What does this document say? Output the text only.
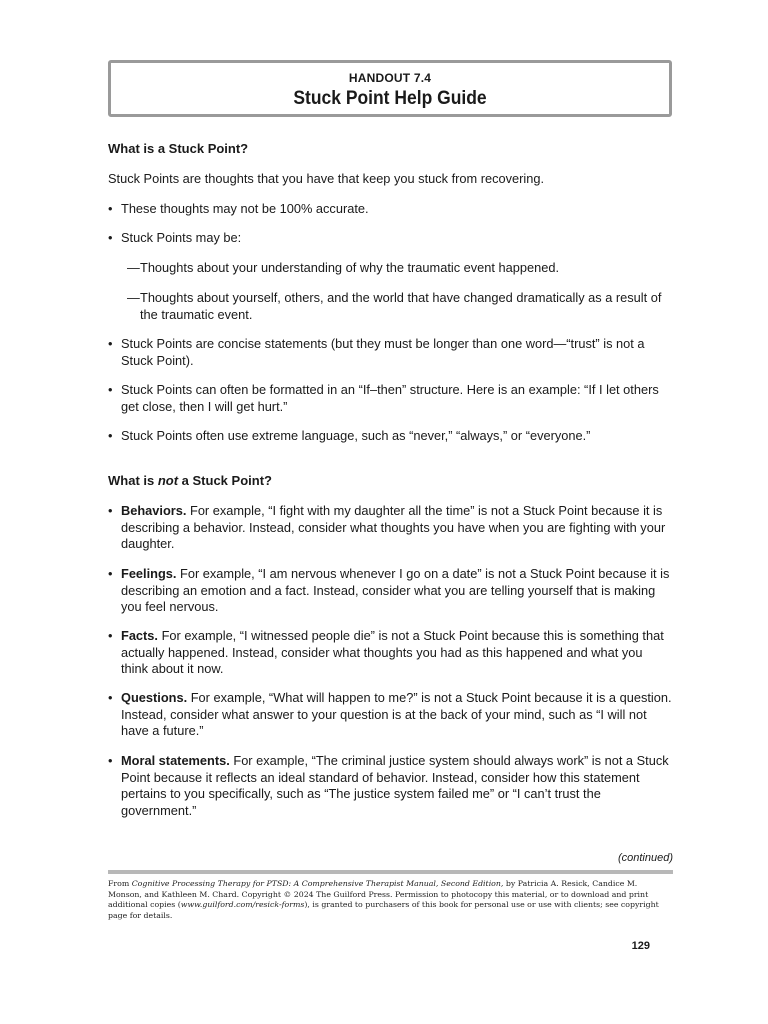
HANDOUT 7.4
Stuck Point Help Guide
What is a Stuck Point?
Stuck Points are thoughts that you have that keep you stuck from recovering.
• These thoughts may not be 100% accurate.
• Stuck Points may be:
— Thoughts about your understanding of why the traumatic event happened.
— Thoughts about yourself, others, and the world that have changed dramatically as a result of the traumatic event.
• Stuck Points are concise statements (but they must be longer than one word—“trust” is not a Stuck Point).
• Stuck Points can often be formatted in an “If–then” structure. Here is an example: “If I let others get close, then I will get hurt.”
• Stuck Points often use extreme language, such as “never,” “always,” or “everyone.”
What is not a Stuck Point?
• Behaviors. For example, “I fight with my daughter all the time” is not a Stuck Point because it is describing a behavior. Instead, consider what thoughts you have when you are fighting with your daughter.
• Feelings. For example, “I am nervous whenever I go on a date” is not a Stuck Point because it is describing an emotion and a fact. Instead, consider what you are telling yourself that is making you feel nervous.
• Facts. For example, “I witnessed people die” is not a Stuck Point because this is something that actually happened. Instead, consider what thoughts you had as this happened and what you think about it now.
• Questions. For example, “What will happen to me?” is not a Stuck Point because it is a question. Instead, consider what answer to your question is at the back of your mind, such as “I will not have a future.”
• Moral statements. For example, “The criminal justice system should always work” is not a Stuck Point because it reflects an ideal standard of behavior. Instead, consider how this statement pertains to you specifically, such as “The justice system failed me” or “I can’t trust the government.”
(continued)
From Cognitive Processing Therapy for PTSD: A Comprehensive Therapist Manual, Second Edition, by Patricia A. Resick, Candice M. Monson, and Kathleen M. Chard. Copyright © 2024 The Guilford Press. Permission to photocopy this material, or to download and print additional copies (www.guilford.com/resick-forms), is granted to purchasers of this book for personal use or use with clients; see copyright page for details.
129
